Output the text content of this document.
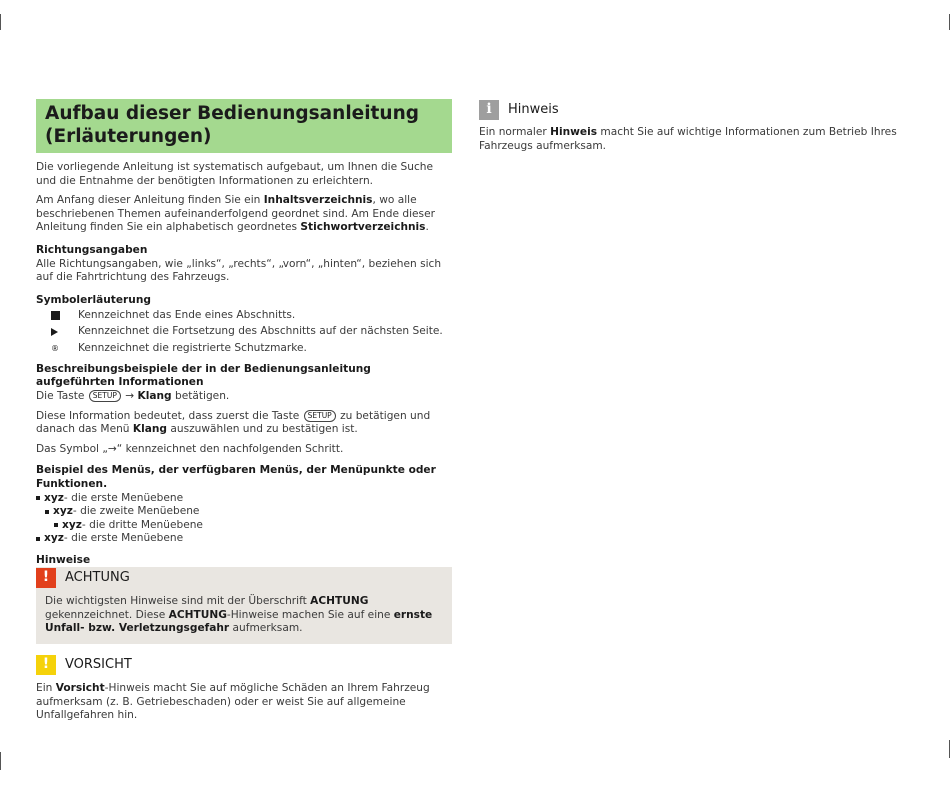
Aufbau dieser Bedienungsanleitung (Erläuterungen)

Die vorliegende Anleitung ist systematisch aufgebaut, um Ihnen die Suche und die Entnahme der benötigten Informationen zu erleichtern.

Am Anfang dieser Anleitung finden Sie ein Inhaltsverzeichnis, wo alle beschriebenen Themen aufeinanderfolgend geordnet sind. Am Ende dieser Anleitung finden Sie ein alphabetisch geordnetes Stichwortverzeichnis.

Richtungsangaben

Alle Richtungsangaben, wie „links“, „rechts“, „vorn“, „hinten“, beziehen sich auf die Fahrtrichtung des Fahrzeugs.

Symbolerläuterung
Kennzeichnet das Ende eines Abschnitts.
Kennzeichnet die Fortsetzung des Abschnitts auf der nächsten Seite.
® Kennzeichnet die registrierte Schutzmarke.
Beschreibungsbeispiele der in der Bedienungsanleitung aufgeführten Informationen

Die Taste SETUP → Klang betätigen.

Diese Information bedeutet, dass zuerst die Taste SETUP zu betätigen und danach das Menü Klang auszuwählen und zu bestätigen ist.

Das Symbol „→“ kennzeichnet den nachfolgenden Schritt.

Beispiel des Menüs, der verfügbaren Menüs, der Menüpunkte oder Funktionen.
xyz - die erste Menüebene
xyz - die zweite Menüebene
xyz - die dritte Menüebene
xyz - die erste Menüebene
Hinweise
!	ACHTUNG
Die wichtigsten Hinweise sind mit der Überschrift ACHTUNG gekennzeichnet. Diese ACHTUNG-Hinweise machen Sie auf eine ernste Unfall- bzw. Verletzungsgefahr aufmerksam.
!	VORSICHT

Ein Vorsicht-Hinweis macht Sie auf mögliche Schäden an Ihrem Fahrzeug aufmerksam (z. B. Getriebeschaden) oder er weist Sie auf allgemeine Unfallgefahren hin.

i	Hinweis

Ein normaler Hinweis macht Sie auf wichtige Informationen zum Betrieb Ihres Fahrzeugs aufmerksam.
